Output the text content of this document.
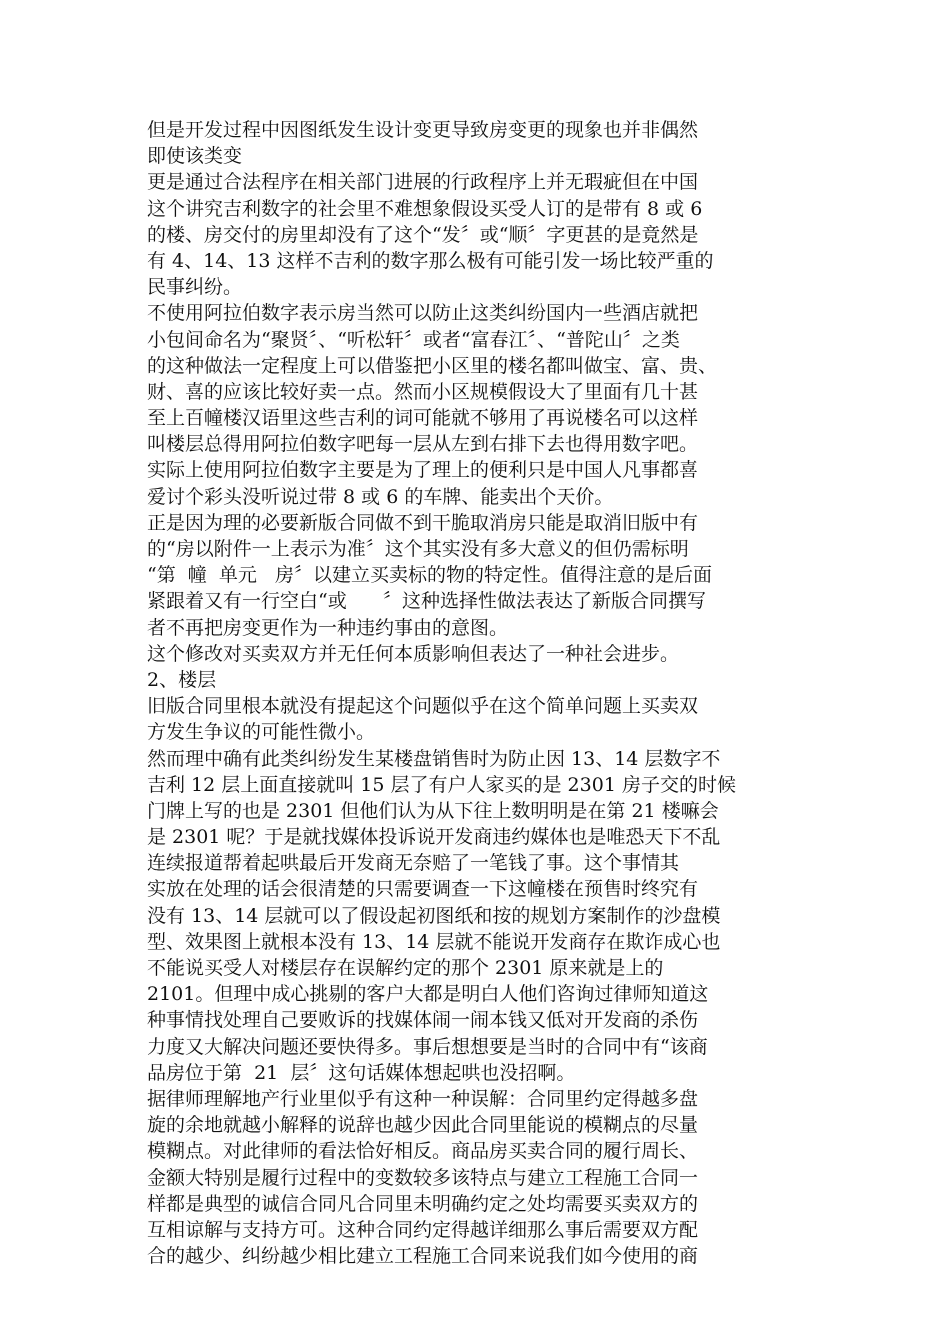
但是开发过程中因图纸发生设计变更导致房变更的现象也并非偶然
即使该类变
更是通过合法程序在相关部门进展的行政程序上并无瑕疵但在中国
这个讲究吉利数字的社会里不难想象假设买受人订的是带有 8 或 6
的楼、房交付的房里却没有了这个“发〞或“顺〞字更甚的是竟然是
有 4、14、13 这样不吉利的数字那么极有可能引发一场比较严重的
民事纠纷。
不使用阿拉伯数字表示房当然可以防止这类纠纷国内一些酒店就把
小包间命名为“聚贤〞、“听松轩〞或者“富春江〞、“普陀山〞之类
的这种做法一定程度上可以借鉴把小区里的楼名都叫做宝、富、贵、
财、喜的应该比较好卖一点。然而小区规模假设大了里面有几十甚
至上百幢楼汉语里这些吉利的词可能就不够用了再说楼名可以这样
叫楼层总得用阿拉伯数字吧每一层从左到右排下去也得用数字吧。
实际上使用阿拉伯数字主要是为了理上的便利只是中国人凡事都喜
爱讨个彩头没听说过带 8 或 6 的车牌、能卖出个天价。
正是因为理的必要新版合同做不到干脆取消房只能是取消旧版中有
的“房以附件一上表示为准〞这个其实没有多大意义的但仍需标明
“第  幢  单元   房〞以建立买卖标的物的特定性。值得注意的是后面
紧跟着又有一行空白“或      〞这种选择性做法表达了新版合同撰写
者不再把房变更作为一种违约事由的意图。
这个修改对买卖双方并无任何本质影响但表达了一种社会进步。
2、楼层
旧版合同里根本就没有提起这个问题似乎在这个简单问题上买卖双
方发生争议的可能性微小。
然而理中确有此类纠纷发生某楼盘销售时为防止因 13、14 层数字不
吉利 12 层上面直接就叫 15 层了有户人家买的是 2301 房子交的时候
门牌上写的也是 2301 但他们认为从下往上数明明是在第 21 楼嘛会
是 2301 呢？于是就找媒体投诉说开发商违约媒体也是唯恐天下不乱
连续报道帮着起哄最后开发商无奈赔了一笔钱了事。这个事情其
实放在处理的话会很清楚的只需要调查一下这幢楼在预售时终究有
没有 13、14 层就可以了假设起初图纸和按的规划方案制作的沙盘模
型、效果图上就根本没有 13、14 层就不能说开发商存在欺诈成心也
不能说买受人对楼层存在误解约定的那个 2301 原来就是上的
2101。但理中成心挑剔的客户大都是明白人他们咨询过律师知道这
种事情找处理自己要败诉的找媒体闹一闹本钱又低对开发商的杀伤
力度又大解决问题还要快得多。事后想想要是当时的合同中有“该商
品房位于第  21  层〞这句话媒体想起哄也没招啊。
据律师理解地产行业里似乎有这种一种误解：合同里约定得越多盘
旋的余地就越小解释的说辞也越少因此合同里能说的模糊点的尽量
模糊点。对此律师的看法恰好相反。商品房买卖合同的履行周长、
金额大特别是履行过程中的变数较多该特点与建立工程施工合同一
样都是典型的诚信合同凡合同里未明确约定之处均需要买卖双方的
互相谅解与支持方可。这种合同约定得越详细那么事后需要双方配
合的越少、纠纷越少相比建立工程施工合同来说我们如今使用的商
